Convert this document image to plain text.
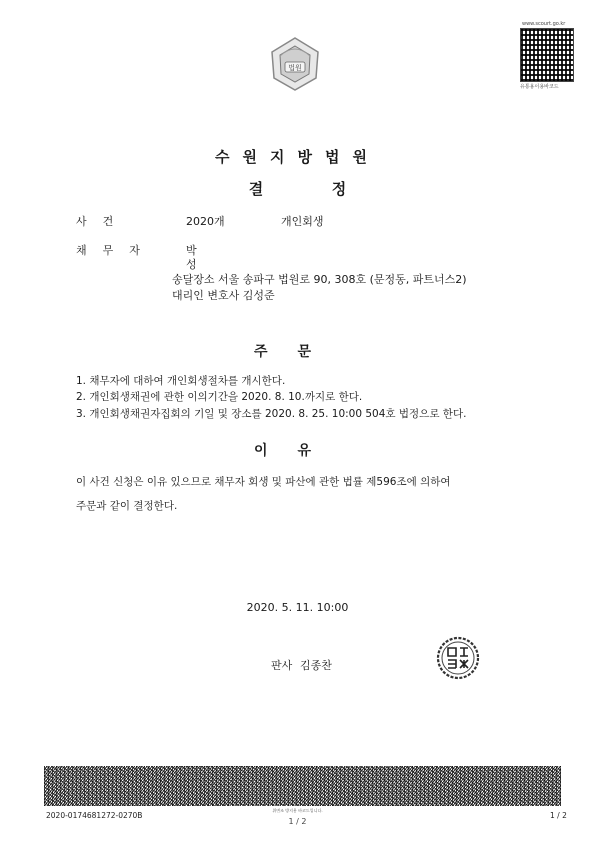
www.scourt.go.kr
유통용이용바코드
법원
수원지방법원
결	정
사건	2020개	개인회생
채무자	박
성
송달장소 서울 송파구 법원로 90, 308호 (문정동, 파트너스2)
대리인 변호사 김성준
주문
1. 채무자에 대하여 개인회생절차를 개시한다.
2. 개인회생채권에 관한 이의기간을 2020. 8. 10.까지로 한다.
3. 개인회생채권자집회의 기일 및 장소를 2020. 8. 25. 10:00 504호 법정으로 한다.
이유
이 사건 신청은 이유 있으므로 채무자 회생 및 파산에 관한 법률 제596조에 의하여
주문과 같이 결정한다.
2020. 5. 11. 10:00
판사 김종찬
위변조 방지용 바코드입니다.
2020-0174681272-0270B
1 / 2
1 / 2
